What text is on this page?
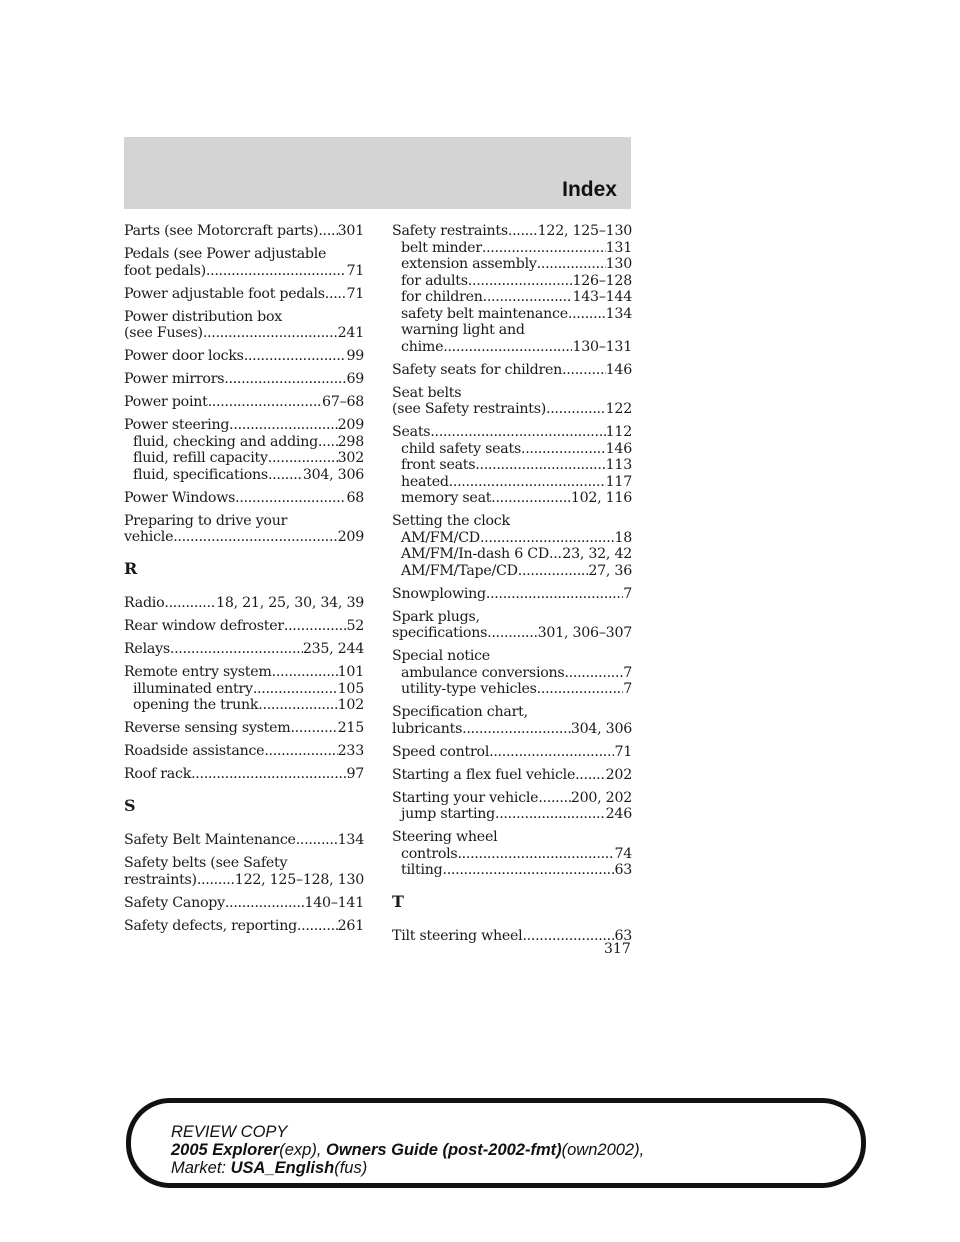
Index
Parts (see Motorcraft parts) ..... 301
Pedals (see Power adjustable
foot pedals) .....	71
Power adjustable foot pedals ..... 71
Power distribution box
(see Fuses) .....	241
Power door locks .....	99
Power mirrors .....	69
Power point .....	67–68
Power steering .....	209
fluid, checking and adding ..... 298
fluid, refill capacity .....	302
fluid, specifications ..... 304, 306
Power Windows .....	68
Preparing to drive your
vehicle .....	209
R
Radio .....	18, 21, 25, 30, 34, 39
Rear window defroster .....	52
Relays .....	235, 244
Remote entry system .....	101
illuminated entry .....	105
opening the trunk .....	102
Reverse sensing system .....	215
Roadside assistance .....	233
Roof rack .....	97
S
Safety Belt Maintenance .....	134
Safety belts (see Safety
restraints) .....	122, 125–128, 130
Safety Canopy .....	140–141
Safety defects, reporting .....	261
Safety restraints ..... 122, 125–130
belt minder .....	131
extension assembly .....	130
for adults .....	126–128
for children .....	143–144
safety belt maintenance .....	134
warning light and
chime .....	130–131
Safety seats for children .....	146
Seat belts
(see Safety restraints) .....	122
Seats .....	112
child safety seats .....	146
front seats .....	113
heated .....	117
memory seat .....	102, 116
Setting the clock
AM/FM/CD .....	18
AM/FM/In-dash 6 CD ..... 23, 32, 42
AM/FM/Tape/CD .....	27, 36
Snowplowing .....	7
Spark plugs,
specifications .....	301, 306–307
Special notice
ambulance conversions .....	7
utility-type vehicles .....	7
Specification chart,
lubricants .....	304, 306
Speed control .....	71
Starting a flex fuel vehicle ..... 202
Starting your vehicle ..... 200, 202
jump starting .....	246
Steering wheel
controls .....	74
tilting .....	63
T
Tilt steering wheel .....	63
317
REVIEW COPY
2005 Explorer(exp), Owners Guide (post-2002-fmt)(own2002),
Market: USA_English(fus)
